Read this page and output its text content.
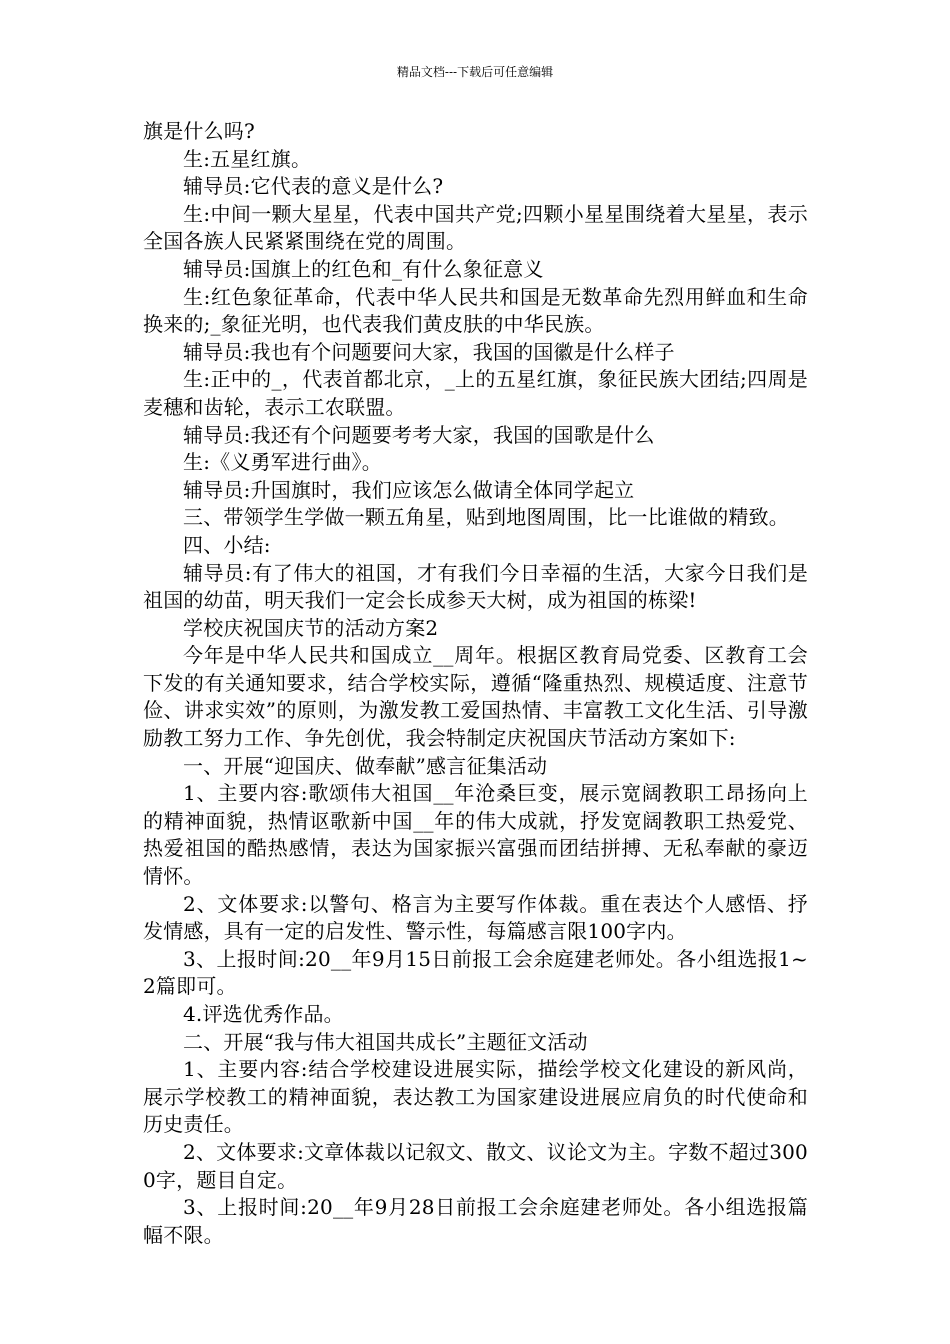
精品文档---下载后可任意编辑

旗是什么吗?

生:五星红旗。

辅导员:它代表的意义是什么?

生:中间一颗大星星，代表中国共产党;四颗小星星围绕着大星星，表示全国各族人民紧紧围绕在党的周围。

辅导员:国旗上的红色和_有什么象征意义

生:红色象征革命，代表中华人民共和国是无数革命先烈用鲜血和生命换来的;_象征光明，也代表我们黄皮肤的中华民族。

辅导员:我也有个问题要问大家，我国的国徽是什么样子

生:正中的_，代表首都北京，_上的五星红旗，象征民族大团结;四周是麦穗和齿轮，表示工农联盟。

辅导员:我还有个问题要考考大家，我国的国歌是什么

生:《义勇军进行曲》。

辅导员:升国旗时，我们应该怎么做请全体同学起立

三、带领学生学做一颗五角星，贴到地图周围，比一比谁做的精致。

四、小结:

辅导员:有了伟大的祖国，才有我们今日幸福的生活，大家今日我们是祖国的幼苗，明天我们一定会长成参天大树，成为祖国的栋梁!

学校庆祝国庆节的活动方案2

今年是中华人民共和国成立__周年。根据区教育局党委、区教育工会下发的有关通知要求，结合学校实际，遵循“隆重热烈、规模适度、注意节俭、讲求实效”的原则，为激发教工爱国热情、丰富教工文化生活、引导激励教工努力工作、争先创优，我会特制定庆祝国庆节活动方案如下:

一、开展“迎国庆、做奉献”感言征集活动

1、主要内容:歌颂伟大祖国__年沧桑巨变，展示宽阔教职工昂扬向上的精神面貌，热情讴歌新中国__年的伟大成就，抒发宽阔教职工热爱党、热爱祖国的酷热感情，表达为国家振兴富强而团结拼搏、无私奉献的豪迈情怀。

2、文体要求:以警句、格言为主要写作体裁。重在表达个人感悟、抒发情感，具有一定的启发性、警示性，每篇感言限100字内。

3、上报时间:20__年9月15日前报工会余庭建老师处。各小组选报1~2篇即可。

4.评选优秀作品。

二、开展“我与伟大祖国共成长”主题征文活动

1、主要内容:结合学校建设进展实际，描绘学校文化建设的新风尚，展示学校教工的精神面貌，表达教工为国家建设进展应肩负的时代使命和历史责任。

2、文体要求:文章体裁以记叙文、散文、议论文为主。字数不超过3000字，题目自定。

3、上报时间:20__年9月28日前报工会余庭建老师处。各小组选报篇幅不限。
